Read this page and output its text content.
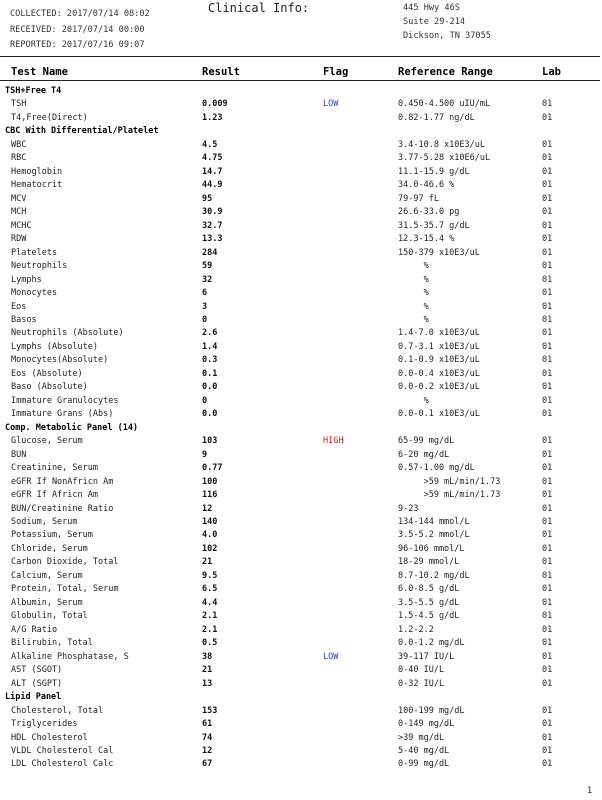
COLLECTED: 2017/07/14 08:02
RECEIVED: 2017/07/14 00:00
REPORTED: 2017/07/16 09:07
Clinical Info:	445 Hwy 46S
Suite 29-214
Dickson, TN 37055
Test Name	Result	Flag	Reference Range	Lab
TSH+Free T4
TSH	0.009	LOW	0.450-4.500 uIU/mL	01
T4,Free(Direct)	1.23	0.82-1.77 ng/dL	01
CBC With Differential/Platelet
WBC	4.5	3.4-10.8 x10E3/uL	01
RBC	4.75	3.77-5.28 x10E6/uL	01
Hemoglobin	14.7	11.1-15.9 g/dL	01
Hematocrit	44.9	34.0-46.6 %	01
MCV	95	79-97 fL	01
MCH	30.9	26.6-33.0 pg	01
MCHC	32.7	31.5-35.7 g/dL	01
RDW	13.3	12.3-15.4 %	01
Platelets	284	150-379 x10E3/uL	01
Neutrophils	59	%	01
Lymphs	32	%	01
Monocytes	6	%	01
Eos	3	%	01
Basos	0	%	01
Neutrophils (Absolute)	2.6	1.4-7.0 x10E3/uL	01
Lymphs (Absolute)	1.4	0.7-3.1 x10E3/uL	01
Monocytes(Absolute)	0.3	0.1-0.9 x10E3/uL	01
Eos (Absolute)	0.1	0.0-0.4 x10E3/uL	01
Baso (Absolute)	0.0	0.0-0.2 x10E3/uL	01
Immature Granulocytes	0	%	01
Immature Grans (Abs)	0.0	0.0-0.1 x10E3/uL	01
Comp. Metabolic Panel (14)
Glucose, Serum	103	HIGH	65-99 mg/dL	01
BUN	9	6-20 mg/dL	01
Creatinine, Serum	0.77	0.57-1.00 mg/dL	01
eGFR If NonAfricn Am	100	>59 mL/min/1.73	01
eGFR If Africn Am	116	>59 mL/min/1.73	01
BUN/Creatinine Ratio	12	9-23	01
Sodium, Serum	140	134-144 mmol/L	01
Potassium, Serum	4.0	3.5-5.2 mmol/L	01
Chloride, Serum	102	96-106 mmol/L	01
Carbon Dioxide, Total	21	18-29 mmol/L	01
Calcium, Serum	9.5	8.7-10.2 mg/dL	01
Protein, Total, Serum	6.5	6.0-8.5 g/dL	01
Albumin, Serum	4.4	3.5-5.5 g/dL	01
Globulin, Total	2.1	1.5-4.5 g/dL	01
A/G Ratio	2.1	1.2-2.2	01
Bilirubin, Total	0.5	0.0-1.2 mg/dL	01
Alkaline Phosphatase, S	38	LOW	39-117 IU/L	01
AST (SGOT)	21	0-40 IU/L	01
ALT (SGPT)	13	0-32 IU/L	01
Lipid Panel
Cholesterol, Total	153	100-199 mg/dL	01
Triglycerides	61	0-149 mg/dL	01
HDL Cholesterol	74	>39 mg/dL	01
VLDL Cholesterol Cal	12	5-40 mg/dL	01
LDL Cholesterol Calc	67	0-99 mg/dL	01
1
